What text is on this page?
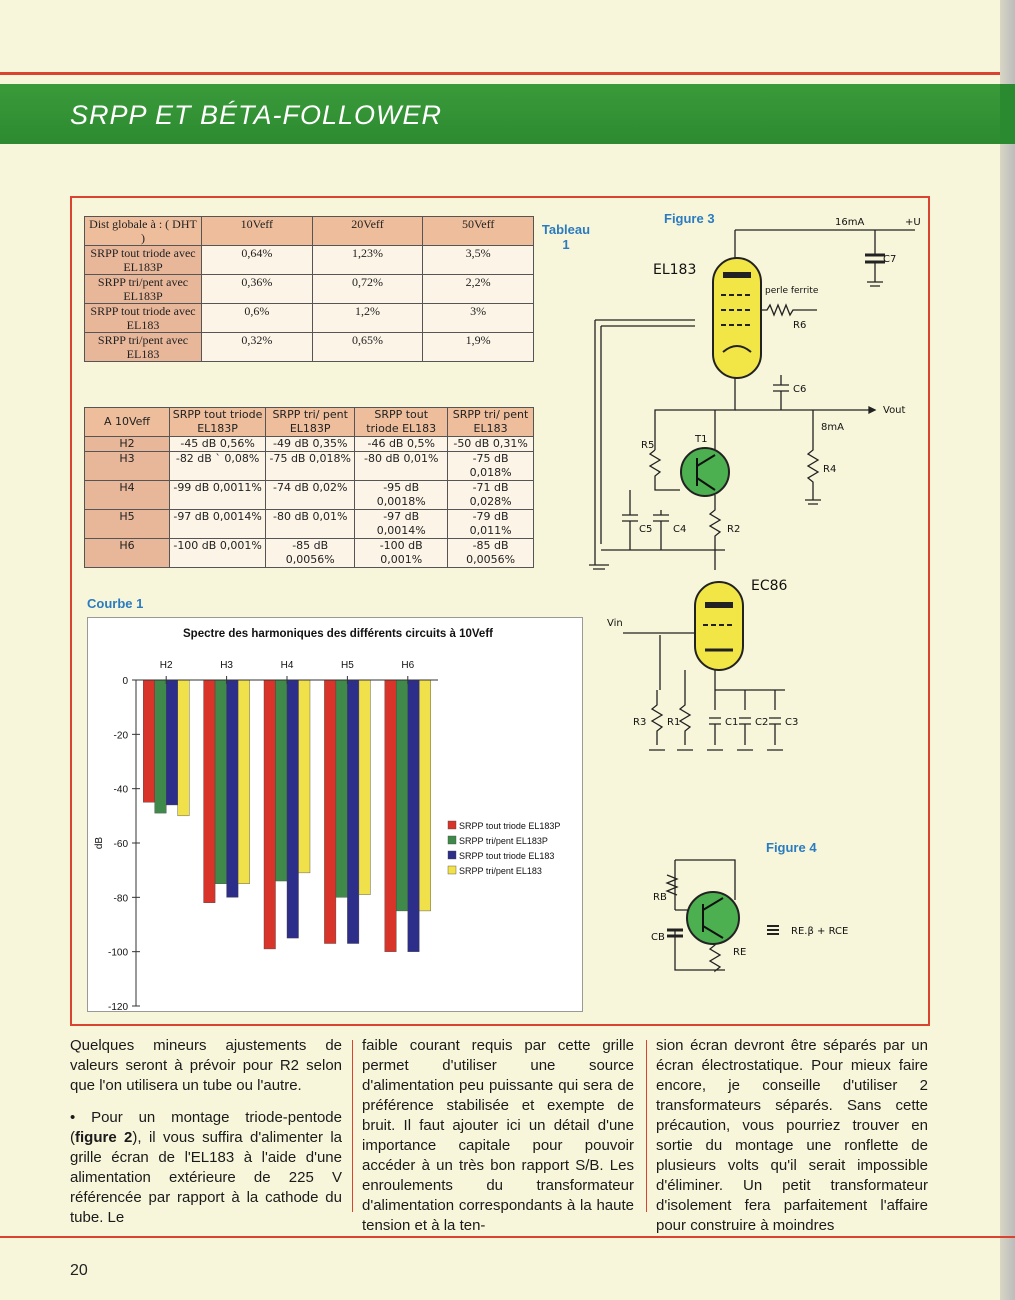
SRPP ET BÉTA-FOLLOWER
Dist globale à : ( DHT )	10Veff	20Veff	50Veff
SRPP tout triode avec EL183P	0,64%	1,23%	3,5%
SRPP tri/pent avec EL183P	0,36%	0,72%	2,2%
SRPP tout triode avec EL183	0,6%	1,2%	3%
SRPP tri/pent avec EL183	0,32%	0,65%	1,9%
Tableau 1
A 10Veff	SRPP tout triode EL183P	SRPP tri/ pent EL183P	SRPP tout triode EL183	SRPP tri/ pent EL183
H2	-45 dB 0,56%	-49 dB 0,35%	-46 dB 0,5%	-50 dB 0,31%
H3	-82 dB ` 0,08%	-75 dB 0,018%	-80 dB 0,01%	-75 dB 0,018%
H4	-99 dB 0,0011%	-74 dB 0,02%	-95 dB 0,0018%	-71 dB 0,028%
H5	-97 dB 0,0014%	-80 dB 0,01%	-97 dB 0,0014%	-79 dB 0,011%
H6	-100 dB 0,001%	-85 dB 0,0056%	-100 dB 0,001%	-85 dB 0,0056%
Courbe 1
Spectre des harmoniques des différents circuits à 10Veff
0
-20
-40
-60
-80
-100
-120
dB
H2	H3	H4	H5	H6
SRPP tout triode EL183P
SRPP tri/pent EL183P
SRPP tout triode EL183
SRPP tri/pent EL183
Figure 3
Figure 4
EL183
perle ferrite
R6
C6
C7
16mA	+U
Vout
8mA
R4
R5
T1
C5 C4	R2
EC86
Vin
R3 R1	C1 C2 C3
RB
CB
RE
RE.β + RCE

Quelques mineurs ajustements de valeurs seront à prévoir pour R2 selon que l'on utilisera un tube ou l'autre.

• Pour un montage triode-pentode (figure 2), il vous suffira d'alimenter la grille écran de l'EL183 à l'aide d'une alimentation extérieure de 225 V référencée par rapport à la cathode du tube. Le

faible courant requis par cette grille permet d'utiliser une source d'alimentation peu puissante qui sera de préférence stabilisée et exempte de bruit. Il faut ajouter ici un détail d'une importance capitale pour pouvoir accéder à un très bon rapport S/B. Les enroulements du transformateur d'alimentation correspondants à la haute tension et à la ten-

sion écran devront être séparés par un écran électrostatique. Pour mieux faire encore, je conseille d'utiliser 2 transformateurs séparés. Sans cette précaution, vous pourriez trouver en sortie du montage une ronflette de plusieurs volts qu'il serait impossible d'éliminer. Un petit transformateur d'isolement fera parfaitement l'affaire pour construire à moindres

20
